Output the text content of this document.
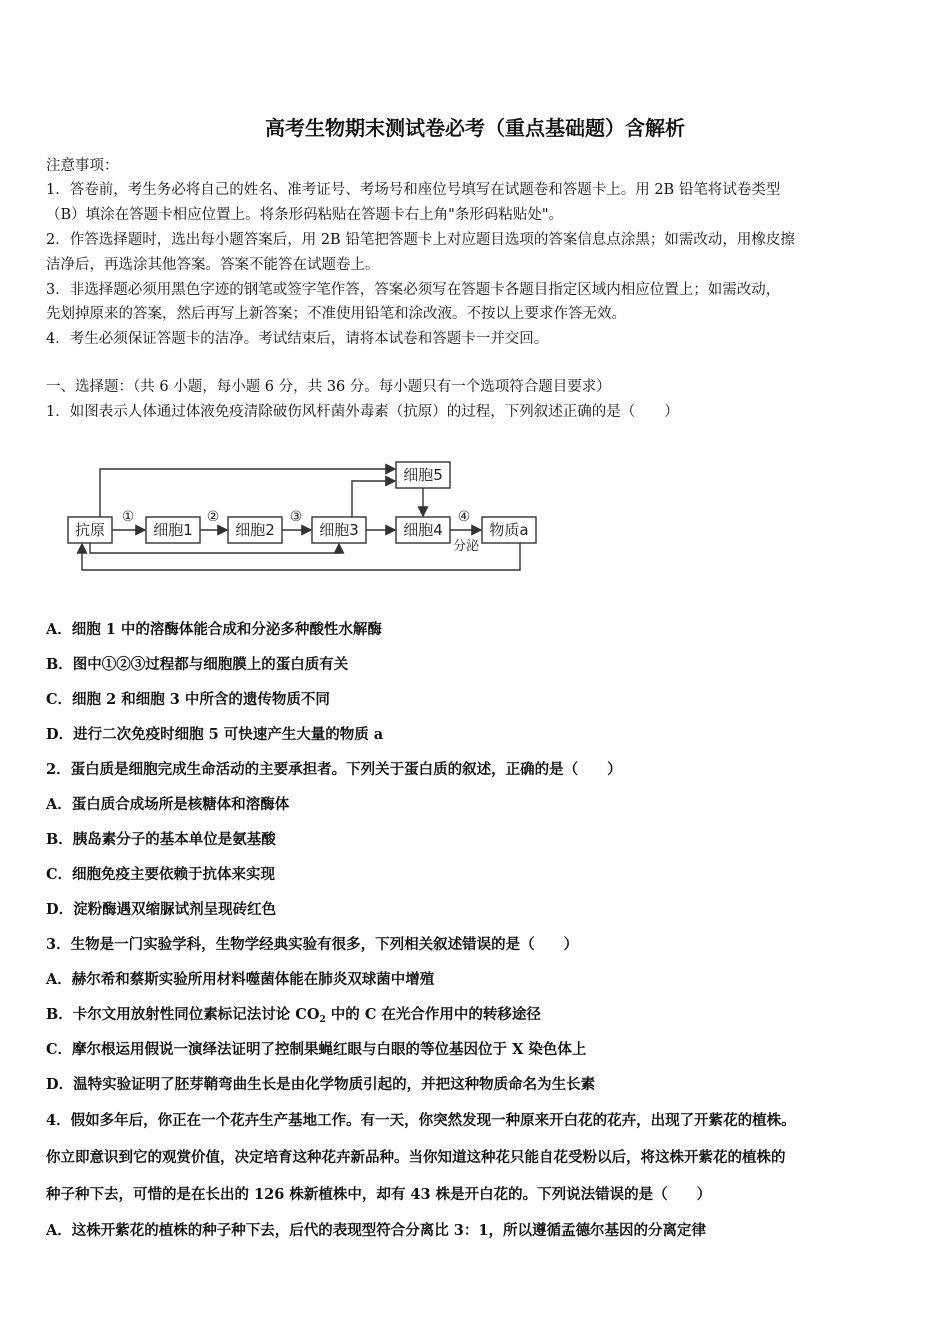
高考生物期末测试卷必考（重点基础题）含解析
注意事项：
1．答卷前，考生务必将自己的姓名、准考证号、考场号和座位号填写在试题卷和答题卡上。用 2B 铅笔将试卷类型
（B）填涂在答题卡相应位置上。将条形码粘贴在答题卡右上角"条形码粘贴处"。
2．作答选择题时，选出每小题答案后，用 2B 铅笔把答题卡上对应题目选项的答案信息点涂黑；如需改动，用橡皮擦
洁净后，再选涂其他答案。答案不能答在试题卷上。
3．非选择题必须用黑色字迹的钢笔或签字笔作答，答案必须写在答题卡各题目指定区域内相应位置上；如需改动，
先划掉原来的答案，然后再写上新答案；不准使用铅笔和涂改液。不按以上要求作答无效。
4．考生必须保证答题卡的洁净。考试结束后，请将本试卷和答题卡一并交回。
一、选择题：（共 6 小题，每小题 6 分，共 36 分。每小题只有一个选项符合题目要求）
1．如图表示人体通过体液免疫清除破伤风杆菌外毒素（抗原）的过程，下列叙述正确的是（　　）
抗原	细胞1	细胞2	细胞3	细胞4
细胞5
物质a
①	②	③	④
分泌
A．细胞 1 中的溶酶体能合成和分泌多种酸性水解酶
B．图中①②③过程都与细胞膜上的蛋白质有关
C．细胞 2 和细胞 3 中所含的遗传物质不同
D．进行二次免疫时细胞 5 可快速产生大量的物质 a
2．蛋白质是细胞完成生命活动的主要承担者。下列关于蛋白质的叙述，正确的是（　　）
A．蛋白质合成场所是核糖体和溶酶体
B．胰岛素分子的基本单位是氨基酸
C．细胞免疫主要依赖于抗体来实现
D．淀粉酶遇双缩脲试剂呈现砖红色
3．生物是一门实验学科，生物学经典实验有很多，下列相关叙述错误的是（　　）
A．赫尔希和蔡斯实验所用材料噬菌体能在肺炎双球菌中增殖
B．卡尔文用放射性同位素标记法讨论 $CO_2$ 中的 C 在光合作用中的转移途径
C．摩尔根运用假说一演绎法证明了控制果蝇红眼与白眼的等位基因位于 X 染色体上
D．温特实验证明了胚芽鞘弯曲生长是由化学物质引起的，并把这种物质命名为生长素
4．假如多年后，你正在一个花卉生产基地工作。有一天，你突然发现一种原来开白花的花卉，出现了开紫花的植株。
你立即意识到它的观赏价值，决定培育这种花卉新品种。当你知道这种花只能自花受粉以后，将这株开紫花的植株的
种子种下去，可惜的是在长出的 126 株新植株中，却有 43 株是开白花的。下列说法错误的是（　　）
A．这株开紫花的植株的种子种下去，后代的表现型符合分离比 3：1，所以遵循孟德尔基因的分离定律
